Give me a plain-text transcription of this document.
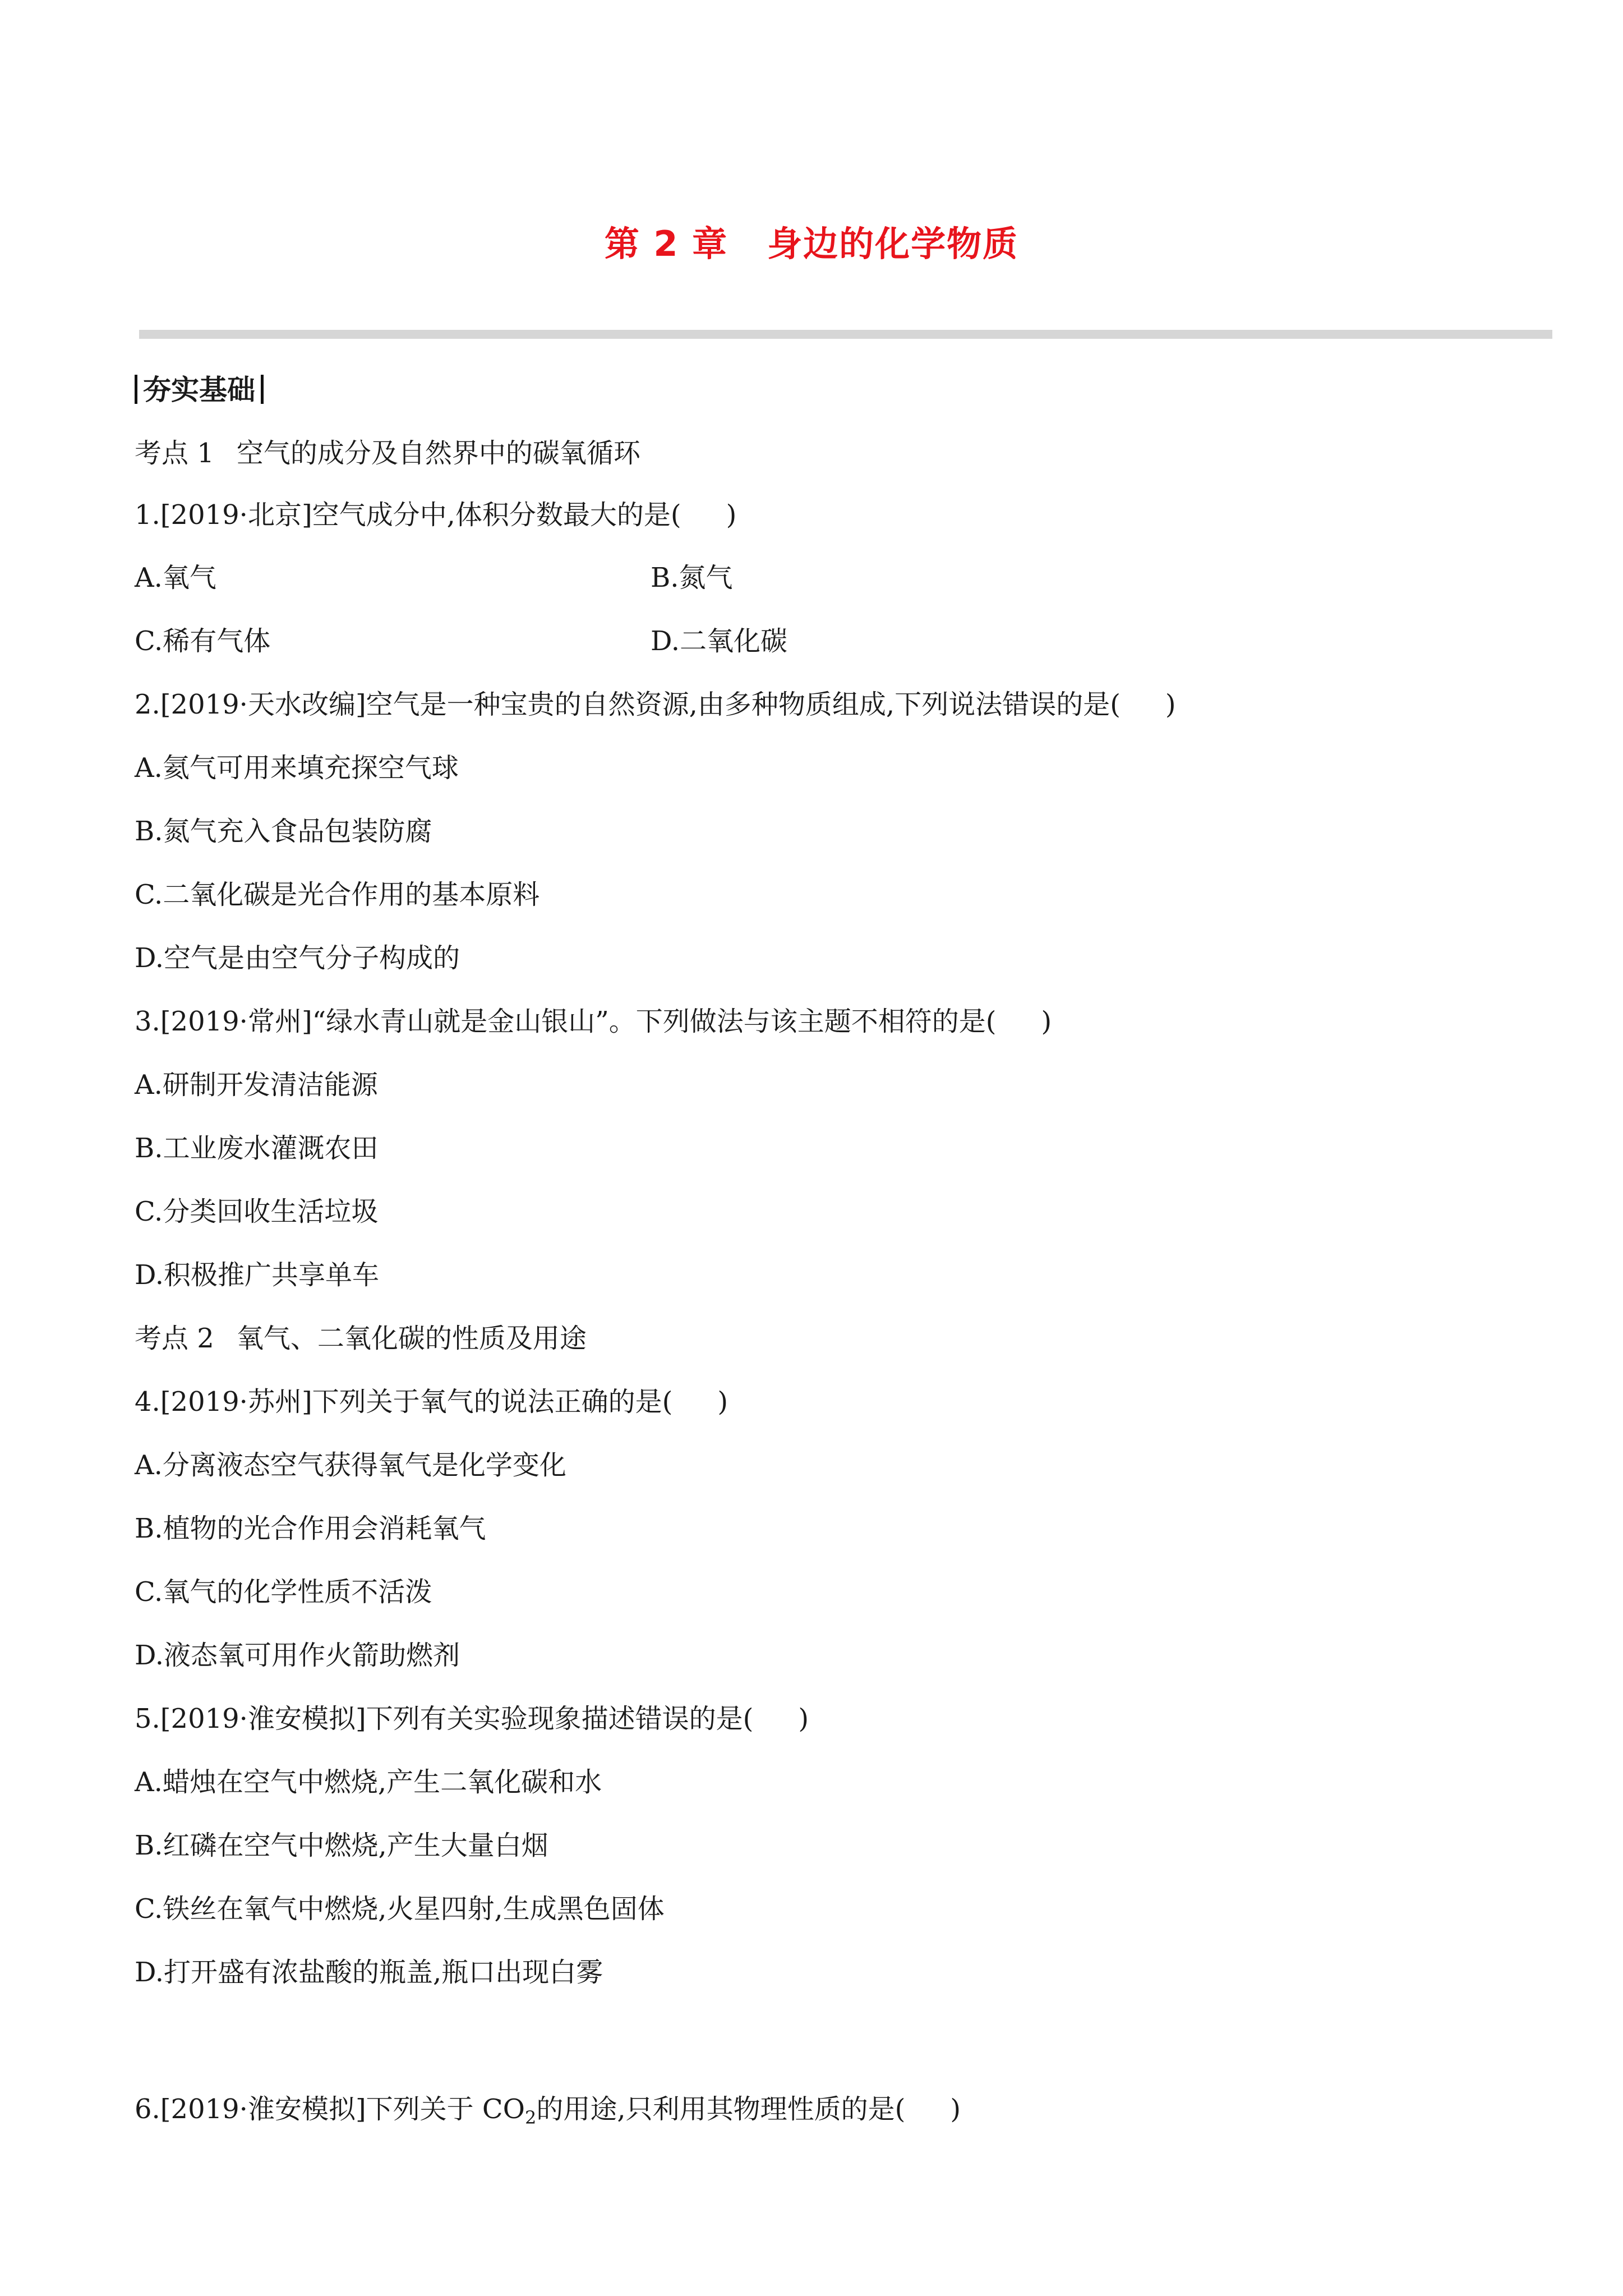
第 2 章 身边的化学物质
夯实基础
考点 1 空气的成分及自然界中的碳氧循环
1.[2019·北京]空气成分中,体积分数最大的是( )
A.氧气	B.氮气
C.稀有气体	D.二氧化碳
2.[2019·天水改编]空气是一种宝贵的自然资源,由多种物质组成,下列说法错误的是( )
A.氦气可用来填充探空气球
B.氮气充入食品包装防腐
C.二氧化碳是光合作用的基本原料
D.空气是由空气分子构成的
3.[2019·常州]“绿水青山就是金山银山”。下列做法与该主题不相符的是( )
A.研制开发清洁能源
B.工业废水灌溉农田
C.分类回收生活垃圾
D.积极推广共享单车
考点 2 氧气、二氧化碳的性质及用途
4.[2019·苏州]下列关于氧气的说法正确的是( )
A.分离液态空气获得氧气是化学变化
B.植物的光合作用会消耗氧气
C.氧气的化学性质不活泼
D.液态氧可用作火箭助燃剂
5.[2019·淮安模拟]下列有关实验现象描述错误的是( )
A.蜡烛在空气中燃烧,产生二氧化碳和水
B.红磷在空气中燃烧,产生大量白烟
C.铁丝在氧气中燃烧,火星四射,生成黑色固体
D.打开盛有浓盐酸的瓶盖,瓶口出现白雾
6.[2019·淮安模拟]下列关于 $CO_2$的用途,只利用其物理性质的是( )
